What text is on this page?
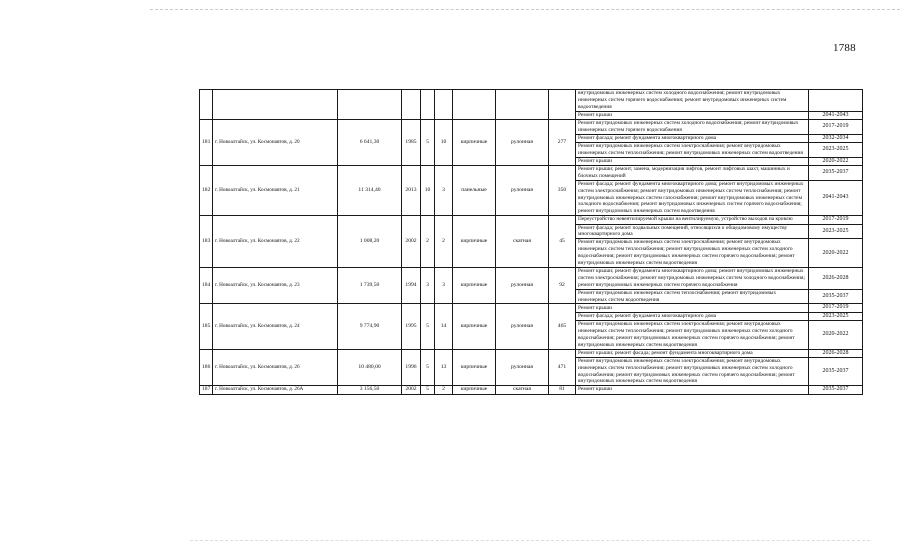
1788
									внутридомовых инженерных систем холодного водоснабжения; ремонт внутридомовых инженерных систем горячего водоснабжения; ремонт внутридомовых инженерных систем водоотведения	
									Ремонт крыши	2041-2043
181	г. Новоалтайск, ул. Космонавтов, д. 20	6 641,30	1985	5	10	кирпичные	рулонная	277	Ремонт внутридомовых инженерных систем холодного водоснабжения; ремонт внутридомовых инженерных систем горячего водоснабжения	2017-2019
									Ремонт фасада; ремонт фундамента многоквартирного дома	2032-2034
									Ремонт внутридомовых инженерных систем электроснабжения; ремонт внутридомовых инженерных систем теплоснабжения; ремонт внутридомовых инженерных систем водоотведения	2023-2025
									Ремонт крыши	2020-2022
182	г. Новоалтайск, ул. Космонавтов, д. 21	11 314,40	2013	10	3	панельные	рулонная	350	Ремонт крыши; ремонт, замена, модернизация лифтов, ремонт лифтовых шахт, машинных и блочных помещений	2035-2037
									Ремонт фасада; ремонт фундамента многоквартирного дома; ремонт внутридомовых инженерных систем электроснабжения; ремонт внутридомовых инженерных систем теплоснабжения; ремонт внутридомовых инженерных систем газоснабжения; ремонт внутридомовых инженерных систем холодного водоснабжения; ремонт внутридомовых инженерных систем горячего водоснабжения; ремонт внутридомовых инженерных систем водоотведения	2041-2043
183	г. Новоалтайск, ул. Космонавтов, д. 22	1 008,20	2002	2	2	кирпичные	скатная	45	Переустройство невентилируемой крыши на вентилируемую, устройство выходов на кровлю	2017-2019
									Ремонт фасада; ремонт подвальных помещений, относящихся к общедомовому имуществу многоквартирного дома	2023-2025
									Ремонт внутридомовых инженерных систем электроснабжения; ремонт внутридомовых инженерных систем теплоснабжения; ремонт внутридомовых инженерных систем холодного водоснабжения; ремонт внутридомовых инженерных систем горячего водоснабжения; ремонт внутридомовых инженерных систем водоотведения	2020-2022
184	г. Новоалтайск, ул. Космонавтов, д. 23	1 739,50	1994	3	3	кирпичные	рулонная	92	Ремонт крыши; ремонт фундамента многоквартирного дома; ремонт внутридомовых инженерных систем электроснабжения; ремонт внутридомовых инженерных систем холодного водоснабжения; ремонт внутридомовых инженерных систем горячего водоснабжения	2026-2028
									Ремонт внутридомовых инженерных систем теплоснабжения; ремонт внутридомовых инженерных систем водоотведения	2035-2037
185	г. Новоалтайск, ул. Космонавтов, д. 24	9 774,90	1995	5	14	кирпичные	рулонная	465	Ремонт крыши	2017-2019
									Ремонт фасада; ремонт фундамента многоквартирного дома	2023-2025
									Ремонт внутридомовых инженерных систем электроснабжения; ремонт внутридомовых инженерных систем теплоснабжения; ремонт внутридомовых инженерных систем холодного водоснабжения; ремонт внутридомовых инженерных систем горячего водоснабжения; ремонт внутридомовых инженерных систем водоотведения	2020-2022
186	г. Новоалтайск, ул. Космонавтов, д. 26	10 480,00	1996	5	13	кирпичные	рулонная	471	Ремонт крыши; ремонт фасада; ремонт фундамента многоквартирного дома	2026-2028
									Ремонт внутридомовых инженерных систем электроснабжения; ремонт внутридомовых инженерных систем теплоснабжения; ремонт внутридомовых инженерных систем холодного водоснабжения; ремонт внутридомовых инженерных систем горячего водоснабжения; ремонт внутридомовых инженерных систем водоотведения	2035-2037
187	г. Новоалтайск, ул. Космонавтов, д. 26А	3 156,50	2002	5	2	кирпичные	скатная	81	Ремонт крыши	2035-2037
